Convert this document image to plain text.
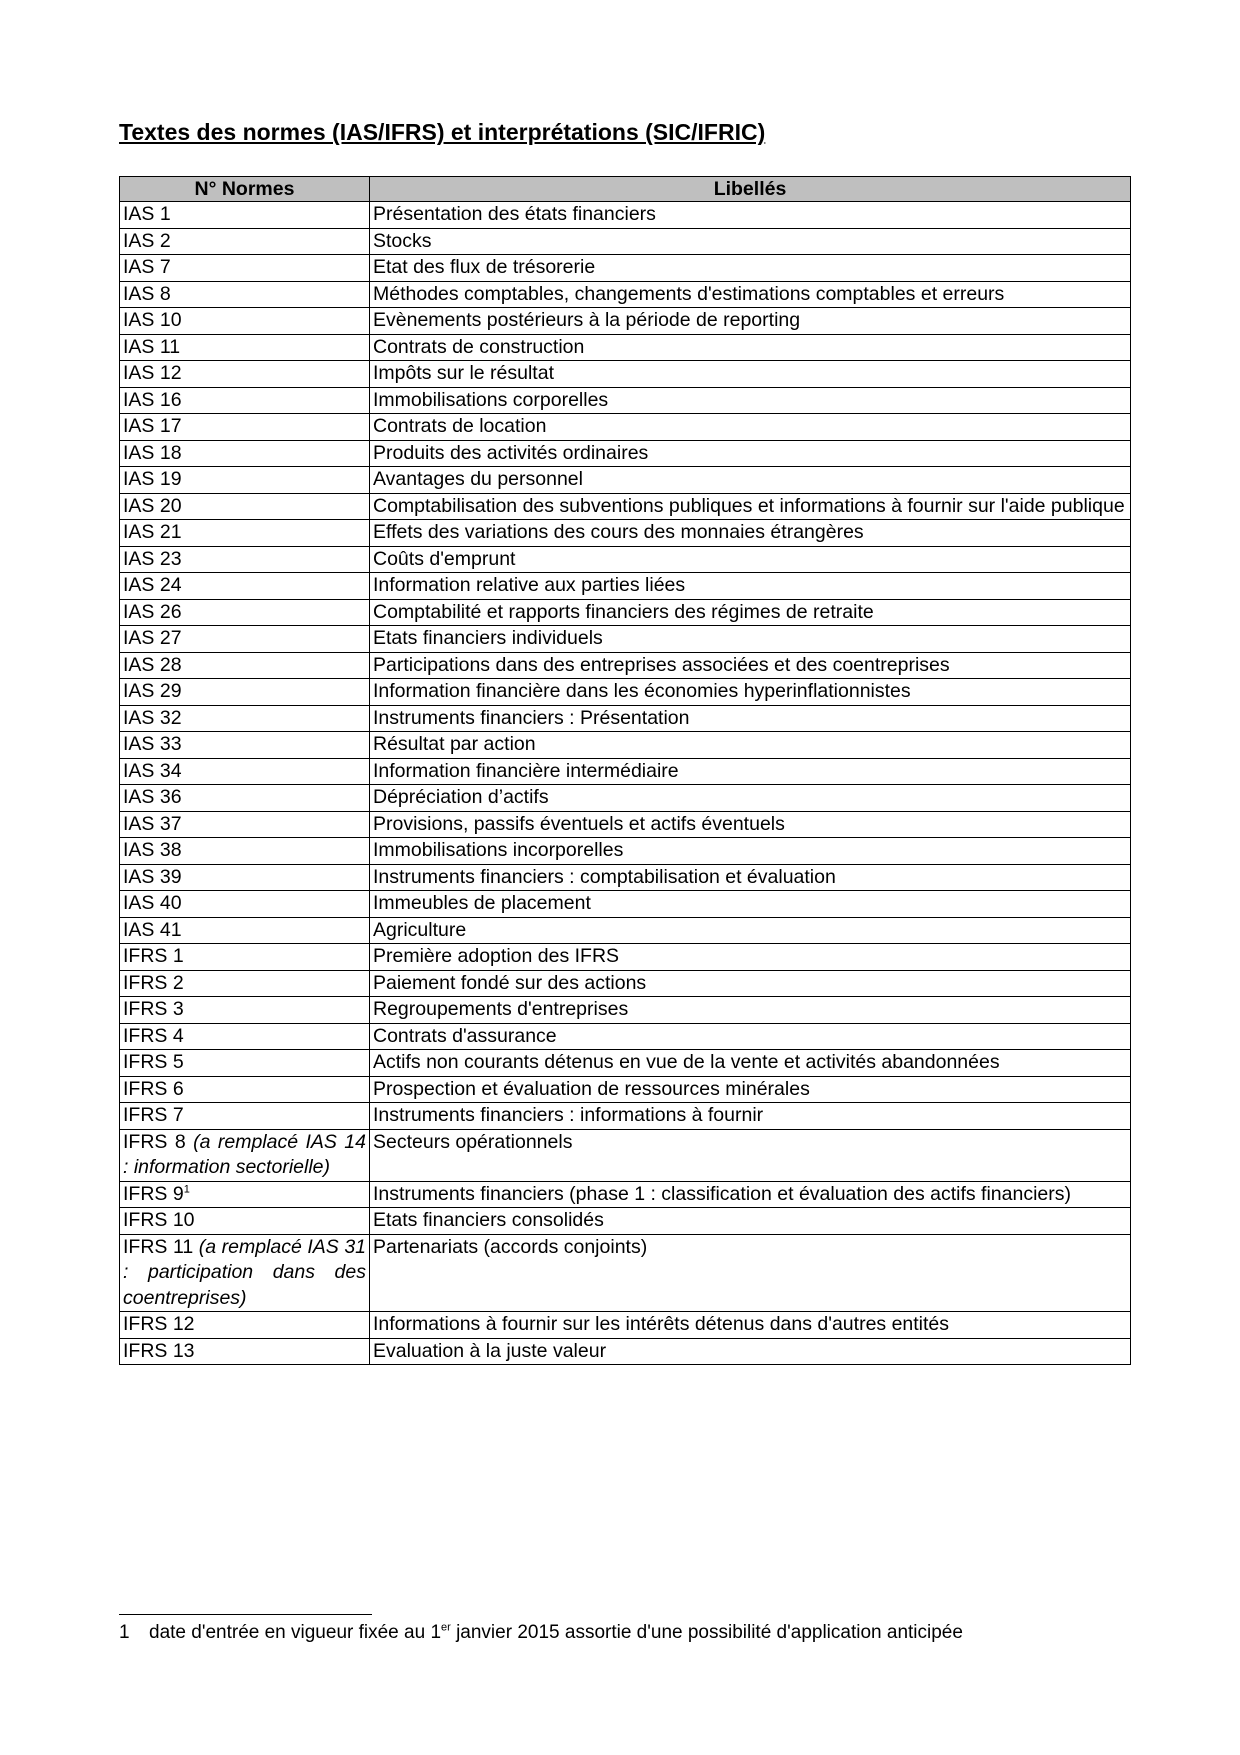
Textes des normes (IAS/IFRS) et interprétations (SIC/IFRIC)
N° Normes	Libellés
IAS 1	Présentation des états financiers
IAS 2	Stocks
IAS 7	Etat des flux de trésorerie
IAS 8	Méthodes comptables, changements d'estimations comptables et erreurs
IAS 10	Evènements postérieurs à la période de reporting
IAS 11	Contrats de construction
IAS 12	Impôts sur le résultat
IAS 16	Immobilisations corporelles
IAS 17	Contrats de location
IAS 18	Produits des activités ordinaires
IAS 19	Avantages du personnel
IAS 20	Comptabilisation des subventions publiques et informations à fournir sur l'aide publique
IAS 21	Effets des variations des cours des monnaies étrangères
IAS 23	Coûts d'emprunt
IAS 24	Information relative aux parties liées
IAS 26	Comptabilité et rapports financiers des régimes de retraite
IAS 27	Etats financiers individuels
IAS 28	Participations dans des entreprises associées et des coentreprises
IAS 29	Information financière dans les économies hyperinflationnistes
IAS 32	Instruments financiers : Présentation
IAS 33	Résultat par action
IAS 34	Information financière intermédiaire
IAS 36	Dépréciation d’actifs
IAS 37	Provisions, passifs éventuels et actifs éventuels
IAS 38	Immobilisations incorporelles
IAS 39	Instruments financiers : comptabilisation et évaluation
IAS 40	Immeubles de placement
IAS 41	Agriculture
IFRS 1	Première adoption des IFRS
IFRS 2	Paiement fondé sur des actions
IFRS 3	Regroupements d'entreprises
IFRS 4	Contrats d'assurance
IFRS 5	Actifs non courants détenus en vue de la vente et activités abandonnées
IFRS 6	Prospection et évaluation de ressources minérales
IFRS 7	Instruments financiers : informations à fournir
IFRS 8 (a remplacé IAS 14 : information sectorielle)	Secteurs opérationnels
IFRS $9^1$	Instruments financiers (phase 1 : classification et évaluation des actifs financiers)
IFRS 10	Etats financiers consolidés
IFRS 11 (a remplacé IAS 31 : participation dans des coentreprises)	Partenariats (accords conjoints)
IFRS 12	Informations à fournir sur les intérêts détenus dans d'autres entités
IFRS 13	Evaluation à la juste valeur
1 date d'entrée en vigueur fixée au 1er janvier 2015 assortie d'une possibilité d'application anticipée
